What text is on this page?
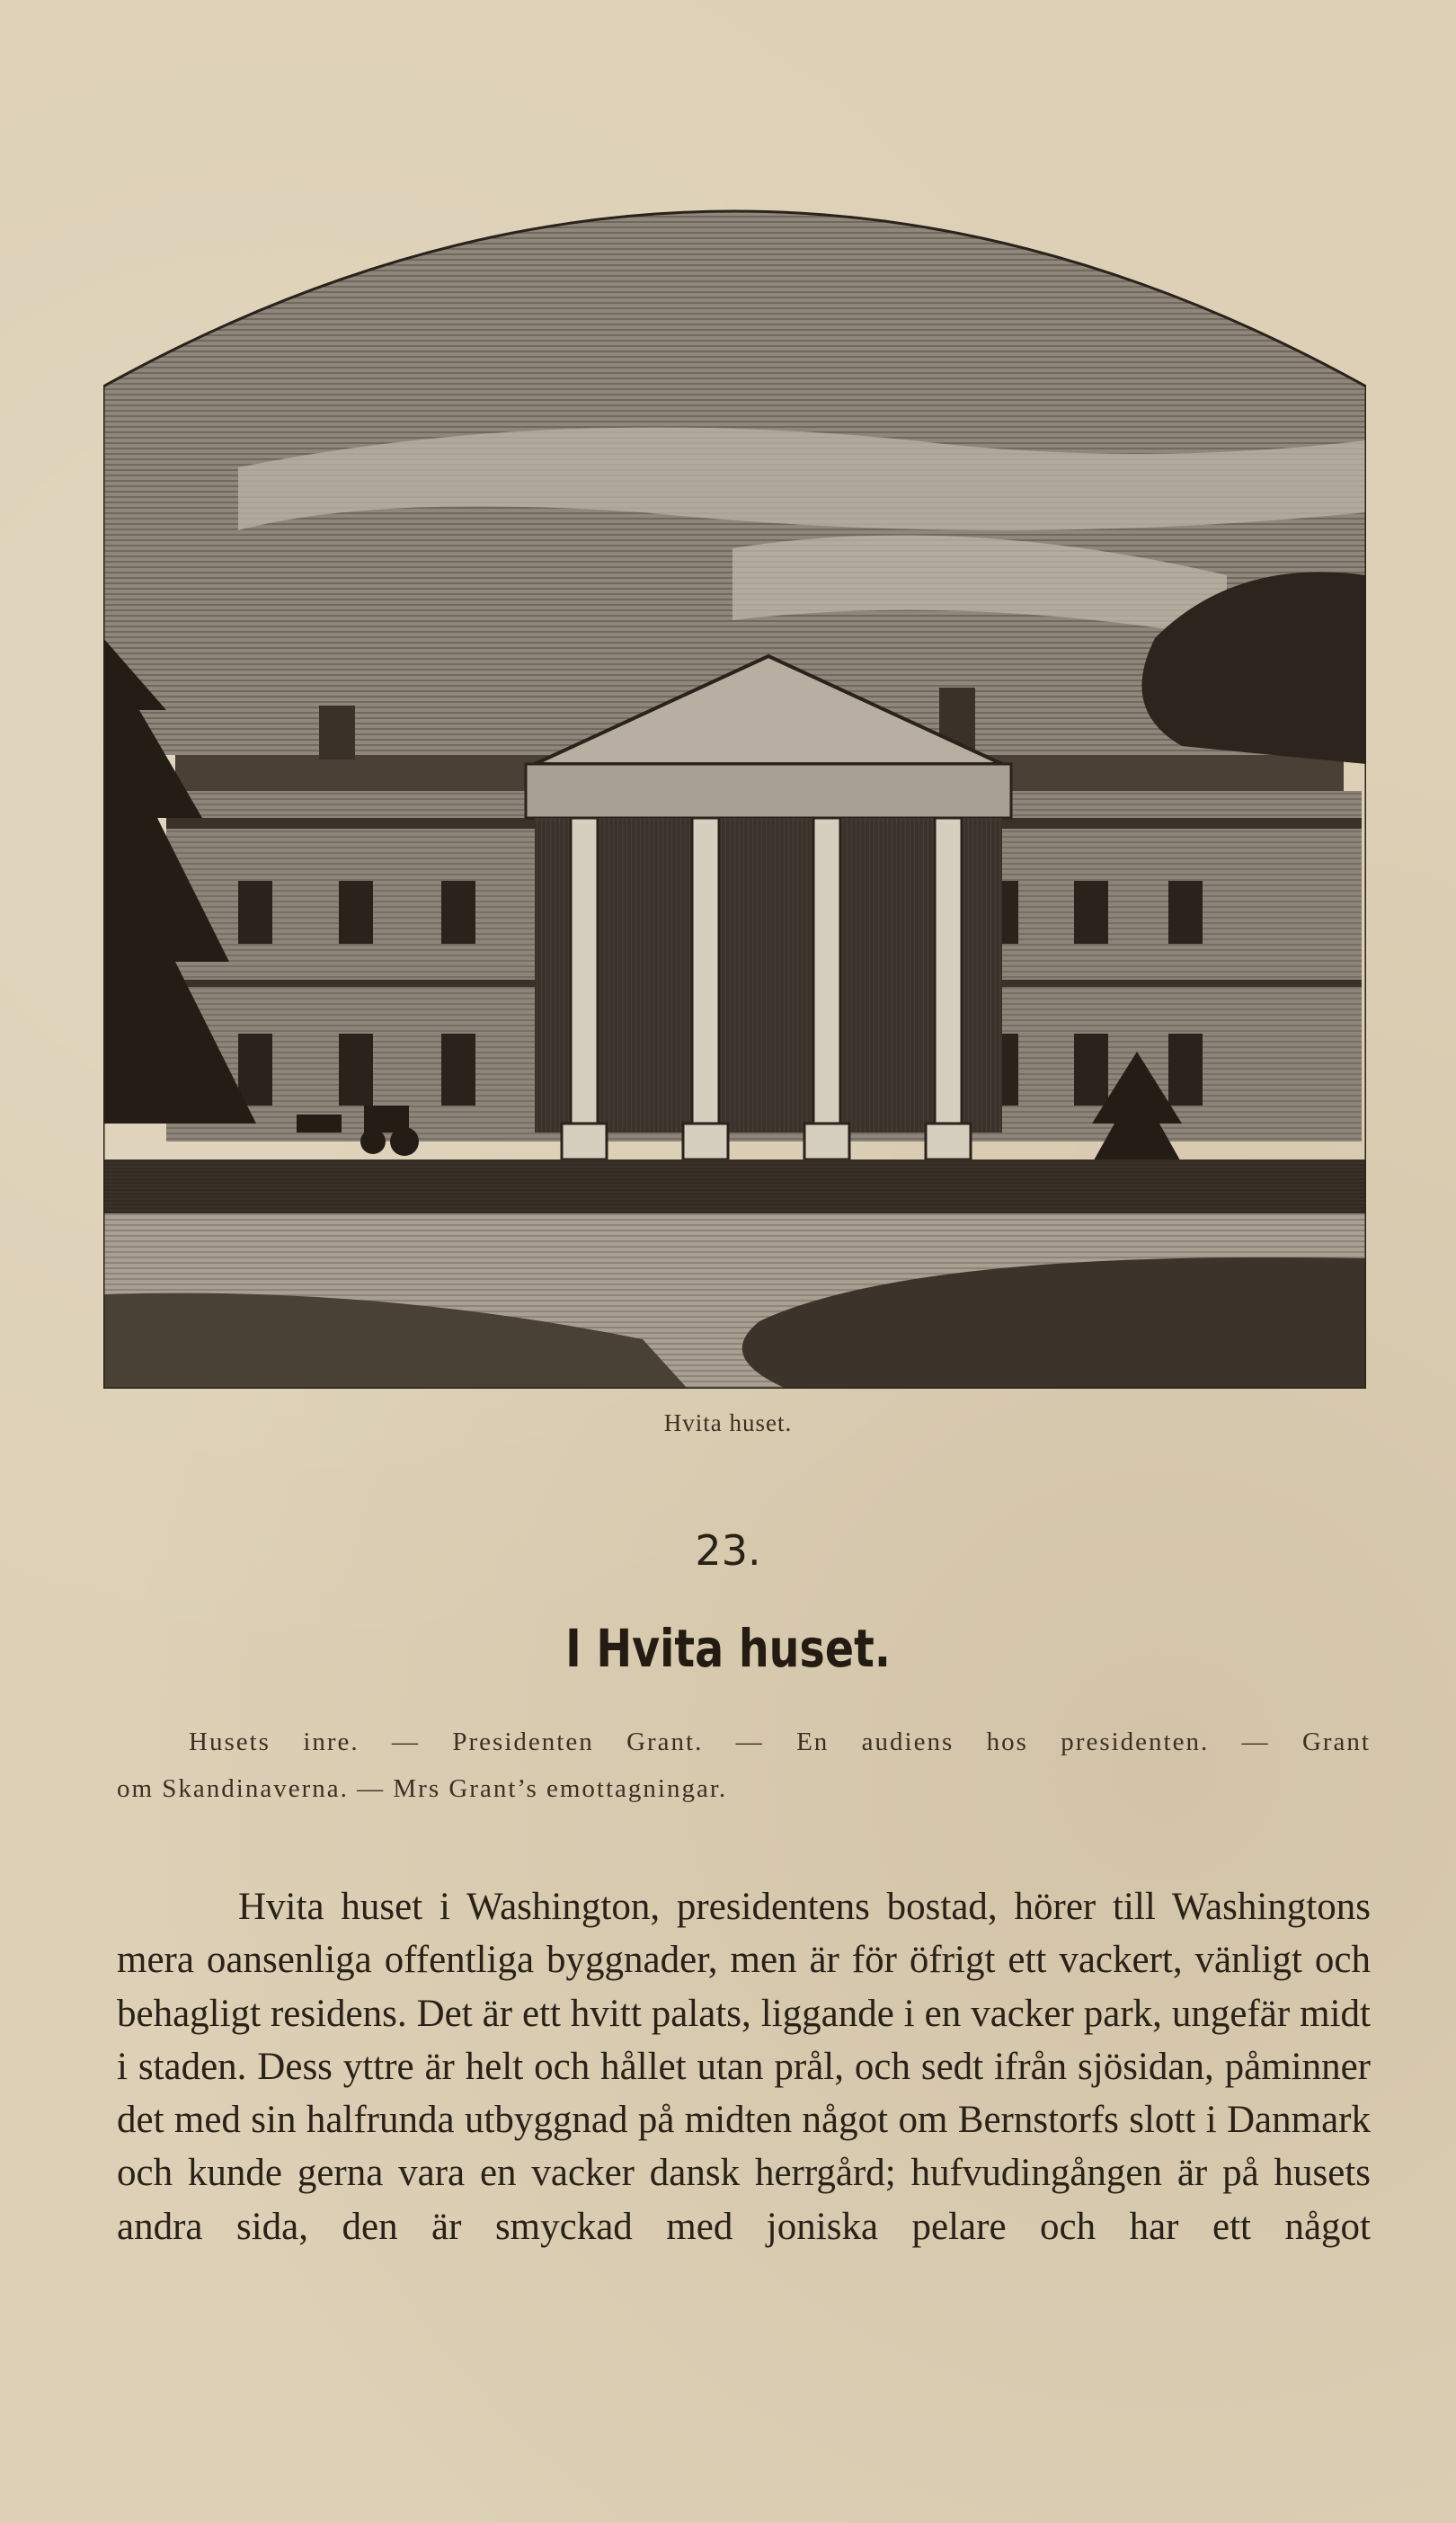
Hvita huset.
23.
I Hvita huset.
Husets inre. — Presidenten Grant. — En audiens hos presidenten. — Grant
om Skandinaverna. — Mrs Grant’s emottagningar.

Hvita huset i Washington, presidentens bostad, hörer till Washingtons mera oansenliga offentliga byggnader, men är för öfrigt ett vackert, vänligt och behagligt residens. Det är ett hvitt palats, liggande i en vacker park, ungefär midt i staden. Dess yttre är helt och hållet utan prål, och sedt ifrån sjösidan, påminner det med sin halfrunda utbyggnad på midten något om Bernstorfs slott i Danmark och kunde gerna vara en vacker dansk herrgård; hufvudingången är på husets andra sida, den är smyckad med joniska pelare och har ett något
